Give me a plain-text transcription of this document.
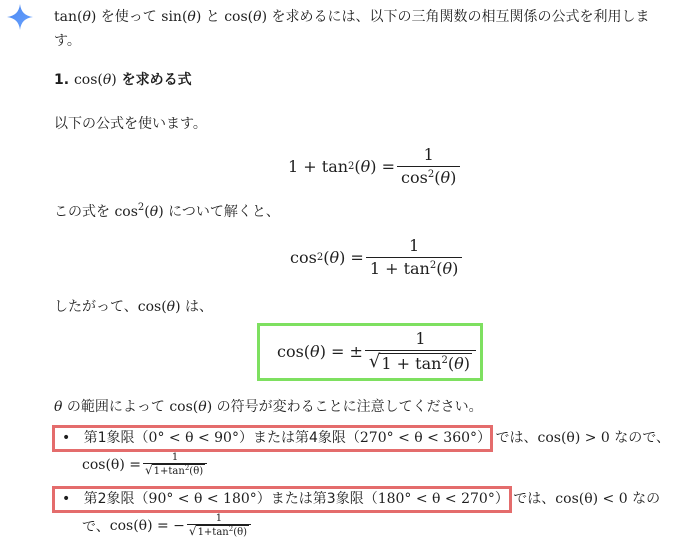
tan(θ) を使って sin(θ) と cos(θ) を求めるには、以下の三角関数の相互関係の公式を利用しま
す。
1. cos(θ) を求める式
以下の公式を使います。
1 + tan 2 ( θ ) = $\frac{1}{\cos^2(\theta)}$
この式を $\cos^2(\theta)$ について解くと、
cos 2 ( θ ) = $\frac{1}{1 + \tan^2(\theta)}$
したがって、cos(θ) は、
cos( θ ) = ± $\frac{1}{√ 1 + \tan^2(\theta)}$
θ の範囲によって cos(θ) の符号が変わることに注意してください。
• 第1象限（0° < θ < 90°）または第4象限（270° < θ < 360°） では、cos(θ) > 0 なので、
$\cos(\theta) = \frac{1}{√ 1+\tan^2(\theta)}$
• 第2象限（90° < θ < 180°）または第3象限（180° < θ < 270°） では、cos(θ) < 0 なの
で、 cos(θ) = − $\frac{1}{√ 1+\tan^2(\theta)}$
